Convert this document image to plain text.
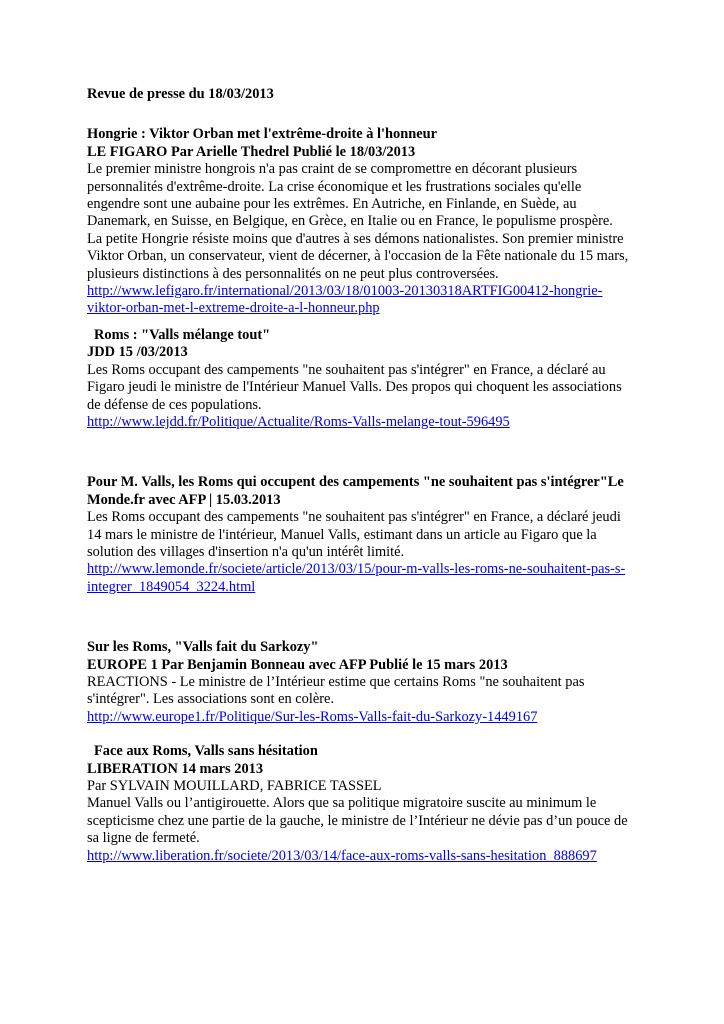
Revue de presse du 18/03/2013
Hongrie : Viktor Orban met l'extrême-droite à l'honneur
LE FIGARO Par Arielle Thedrel Publié le 18/03/2013
Le premier ministre hongrois n'a pas craint de se compromettre en décorant plusieurs
personnalités d'extrême-droite. La crise économique et les frustrations sociales qu'elle
engendre sont une aubaine pour les extrêmes. En Autriche, en Finlande, en Suède, au
Danemark, en Suisse, en Belgique, en Grèce, en Italie ou en France, le populisme prospère.
La petite Hongrie résiste moins que d'autres à ses démons nationalistes. Son premier ministre
Viktor Orban, un conservateur, vient de décerner, à l'occasion de la Fête nationale du 15 mars,
plusieurs distinctions à des personnalités on ne peut plus controversées.
http://www.lefigaro.fr/international/2013/03/18/01003-20130318ARTFIG00412-hongrie-
viktor-orban-met-l-extreme-droite-a-l-honneur.php
Roms : "Valls mélange tout"
JDD 15 /03/2013
Les Roms occupant des campements "ne souhaitent pas s'intégrer" en France, a déclaré au
Figaro jeudi le ministre de l'Intérieur Manuel Valls. Des propos qui choquent les associations
de défense de ces populations.
http://www.lejdd.fr/Politique/Actualite/Roms-Valls-melange-tout-596495
Pour M. Valls, les Roms qui occupent des campements "ne souhaitent pas s'intégrer"Le
Monde.fr avec AFP | 15.03.2013
Les Roms occupant des campements "ne souhaitent pas s'intégrer" en France, a déclaré jeudi
14 mars le ministre de l'intérieur, Manuel Valls, estimant dans un article au Figaro que la
solution des villages d'insertion n'a qu'un intérêt limité.
http://www.lemonde.fr/societe/article/2013/03/15/pour-m-valls-les-roms-ne-souhaitent-pas-s-
integrer_1849054_3224.html
Sur les Roms, "Valls fait du Sarkozy"
EUROPE 1 Par Benjamin Bonneau avec AFP Publié le 15 mars 2013
REACTIONS - Le ministre de l’Intérieur estime que certains Roms "ne souhaitent pas
s'intégrer". Les associations sont en colère.
http://www.europe1.fr/Politique/Sur-les-Roms-Valls-fait-du-Sarkozy-1449167
Face aux Roms, Valls sans hésitation
LIBERATION 14 mars 2013
Par SYLVAIN MOUILLARD, FABRICE TASSEL
Manuel Valls ou l’antigirouette. Alors que sa politique migratoire suscite au minimum le
scepticisme chez une partie de la gauche, le ministre de l’Intérieur ne dévie pas d’un pouce de
sa ligne de fermeté.
http://www.liberation.fr/societe/2013/03/14/face-aux-roms-valls-sans-hesitation_888697
